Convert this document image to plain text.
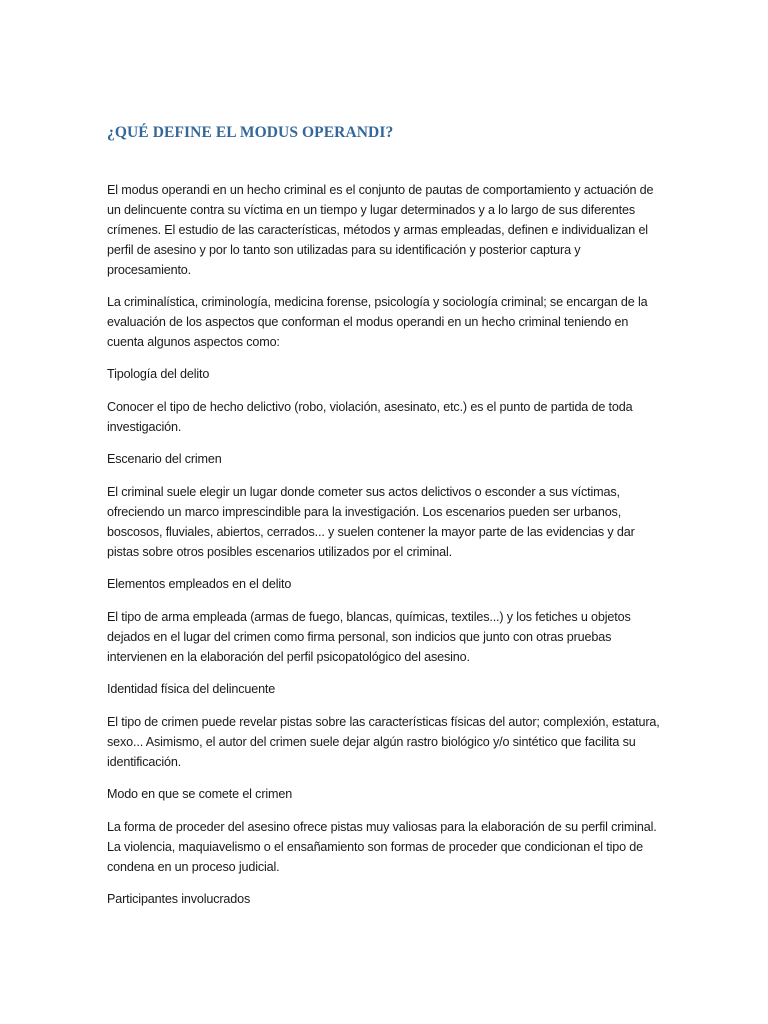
¿QUÉ DEFINE EL MODUS OPERANDI?

El modus operandi en un hecho criminal es el conjunto de pautas de comportamiento y actuación de un delincuente contra su víctima en un tiempo y lugar determinados y a lo largo de sus diferentes crímenes. El estudio de las características, métodos y armas empleadas, definen e individualizan el perfil de asesino y por lo tanto son utilizadas para su identificación y posterior captura y procesamiento.

La criminalística, criminología, medicina forense, psicología y sociología criminal; se encargan de la evaluación de los aspectos que conforman el modus operandi en un hecho criminal teniendo en cuenta algunos aspectos como:

Tipología del delito

Conocer el tipo de hecho delictivo (robo, violación, asesinato, etc.) es el punto de partida de toda investigación.

Escenario del crimen

El criminal suele elegir un lugar donde cometer sus actos delictivos o esconder a sus víctimas, ofreciendo un marco imprescindible para la investigación. Los escenarios pueden ser urbanos, boscosos, fluviales, abiertos, cerrados... y suelen contener la mayor parte de las evidencias y dar pistas sobre otros posibles escenarios utilizados por el criminal.

Elementos empleados en el delito

El tipo de arma empleada (armas de fuego, blancas, químicas, textiles...) y los fetiches u objetos dejados en el lugar del crimen como firma personal, son indicios que junto con otras pruebas intervienen en la elaboración del perfil psicopatológico del asesino.

Identidad física del delincuente

El tipo de crimen puede revelar pistas sobre las características físicas del autor; complexión, estatura, sexo... Asimismo, el autor del crimen suele dejar algún rastro biológico y/o sintético que facilita su identificación.

Modo en que se comete el crimen

La forma de proceder del asesino ofrece pistas muy valiosas para la elaboración de su perfil criminal. La violencia, maquiavelismo o el ensañamiento son formas de proceder que condicionan el tipo de condena en un proceso judicial.

Participantes involucrados
